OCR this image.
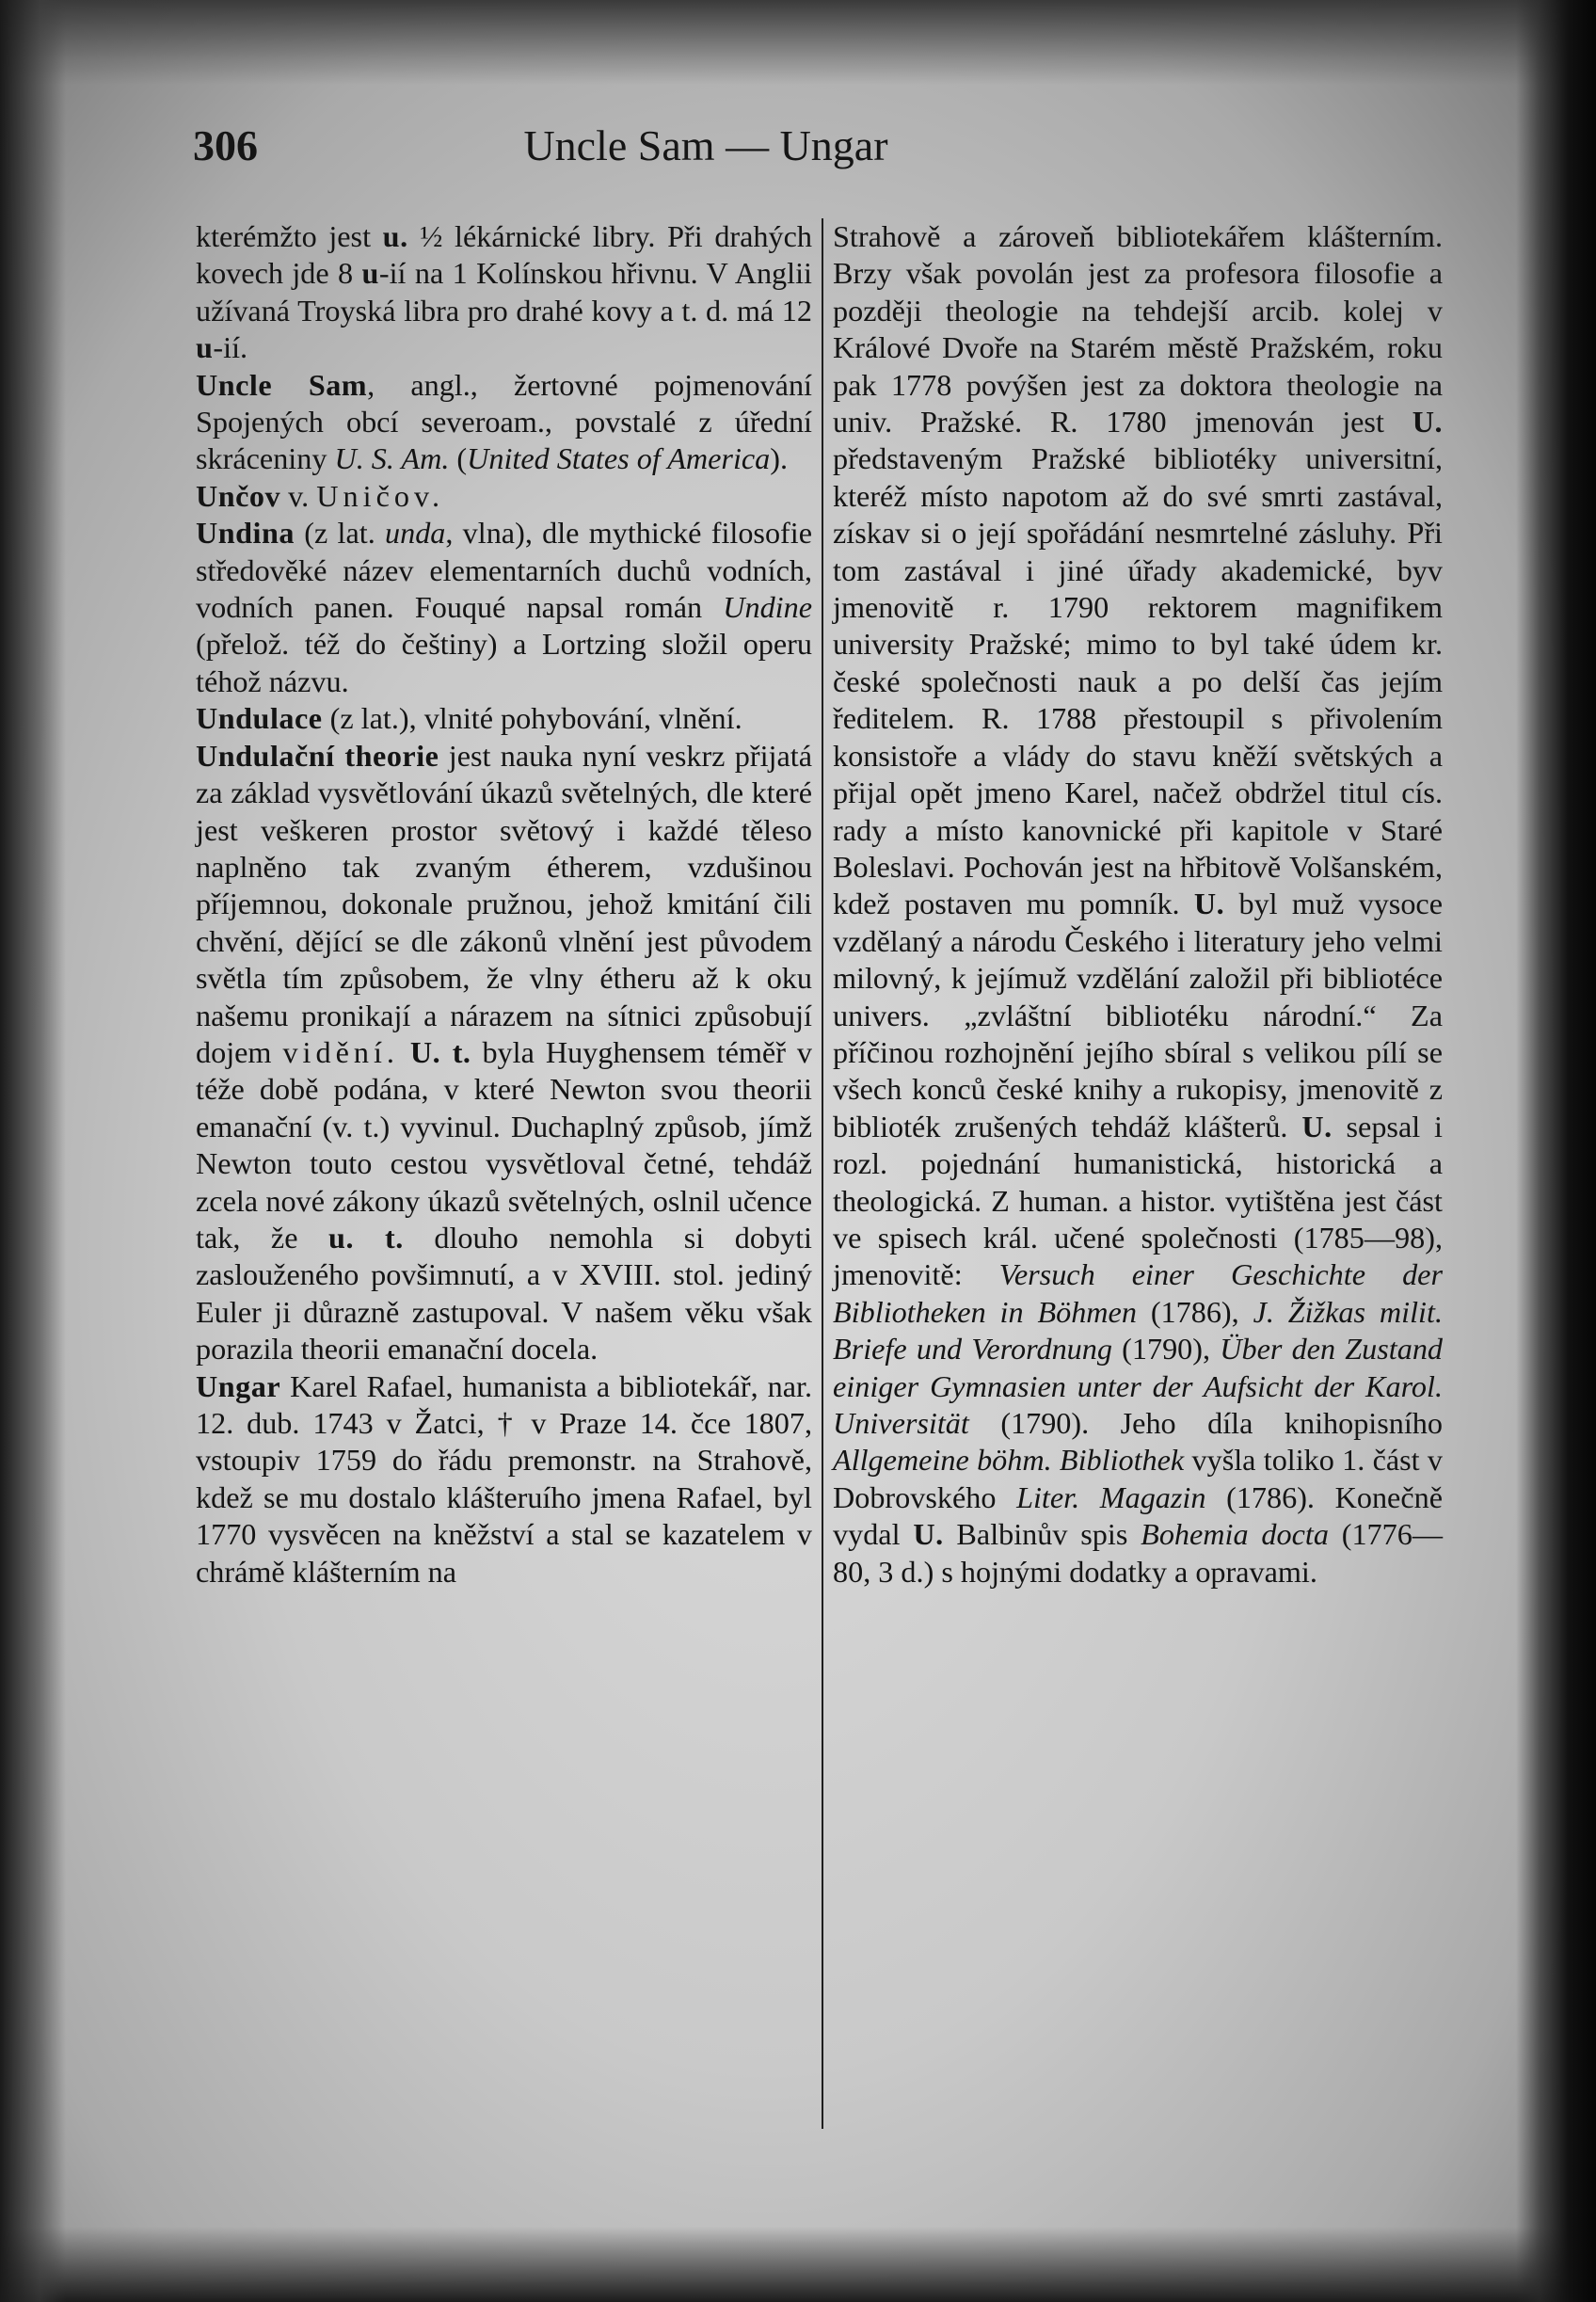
306	Uncle Sam — Ungar

kterémžto jest u. ½ lékárnické libry. Při drahých kovech jde 8 u-ií na 1 Kolínskou hřivnu. V Anglii užívaná Troyská libra pro drahé kovy a t. d. má 12 u-ií.

Uncle Sam, angl., žertovné pojmenování Spojených obcí severoam., povstalé z úřední skráceniny U. S. Am. (United States of America).

Unčov v. Uničov.

Undina (z lat. unda, vlna), dle mythické filosofie středověké název elementarních duchů vodních, vodních panen. Fouqué napsal román Undine (přelož. též do češtiny) a Lortzing složil operu téhož názvu.

Undulace (z lat.), vlnité pohybování, vlnění.

Undulační theorie jest nauka nyní veskrz přijatá za základ vysvětlování úkazů světelných, dle které jest veškeren prostor světový i každé těleso naplněno tak zvaným étherem, vzdušinou příjemnou, dokonale pružnou, jehož kmitání čili chvění, dějící se dle zákonů vlnění jest původem světla tím způsobem, že vlny étheru až k oku našemu pronikají a nárazem na sítnici způsobují dojem vidění. U. t. byla Huyghensem téměř v téže době podána, v které Newton svou theorii emanační (v. t.) vyvinul. Duchaplný způsob, jímž Newton touto cestou vysvětloval četné, tehdáž zcela nové zákony úkazů světelných, oslnil učence tak, že u. t. dlouho nemohla si dobyti zaslouženého povšimnutí, a v XVIII. stol. jediný Euler ji důrazně zastupoval. V našem věku však porazila theorii emanační docela.

Ungar Karel Rafael, humanista a bibliotekář, nar. 12. dub. 1743 v Žatci, † v Praze 14. čce 1807, vstoupiv 1759 do řádu premonstr. na Strahově, kdež se mu dostalo klášteruího jmena Rafael, byl 1770 vysvěcen na kněžství a stal se kazatelem v chrámě klášterním na

Strahově a zároveň bibliotekářem klášterním. Brzy však povolán jest za profesora filosofie a později theologie na tehdejší arcib. kolej v Králové Dvoře na Starém městě Pražském, roku pak 1778 povýšen jest za doktora theologie na univ. Pražské. R. 1780 jmenován jest U. představeným Pražské bibliotéky universitní, kteréž místo napotom až do své smrti zastával, získav si o její spořádání nesmrtelné zásluhy. Při tom zastával i jiné úřady akademické, byv jmenovitě r. 1790 rektorem magnifikem university Pražské; mimo to byl také údem kr. české společnosti nauk a po delší čas jejím ředitelem. R. 1788 přestoupil s přivolením konsistoře a vlády do stavu kněží světských a přijal opět jmeno Karel, načež obdržel titul cís. rady a místo kanovnické při kapitole v Staré Boleslavi. Pochován jest na hřbitově Volšanském, kdež postaven mu pomník. U. byl muž vysoce vzdělaný a národu Českého i literatury jeho velmi milovný, k jejímuž vzdělání založil při bibliotéce univers. „zvláštní bibliotéku národní.“ Za příčinou rozhojnění jejího sbíral s velikou pílí se všech konců české knihy a rukopisy, jmenovitě z biblioték zrušených tehdáž klášterů. U. sepsal i rozl. pojednání humanistická, historická a theologická. Z human. a histor. vytištěna jest část ve spisech král. učené společnosti (1785—98), jmenovitě: Versuch einer Geschichte der Bibliotheken in Böhmen (1786), J. Žižkas milit. Briefe und Verordnung (1790), Über den Zustand einiger Gymnasien unter der Aufsicht der Karol. Universität (1790). Jeho díla knihopisního Allgemeine böhm. Bibliothek vyšla toliko 1. část v Dobrovského Liter. Magazin (1786). Konečně vydal U. Balbinův spis Bohemia docta (1776—80, 3 d.) s hojnými dodatky a opravami.
